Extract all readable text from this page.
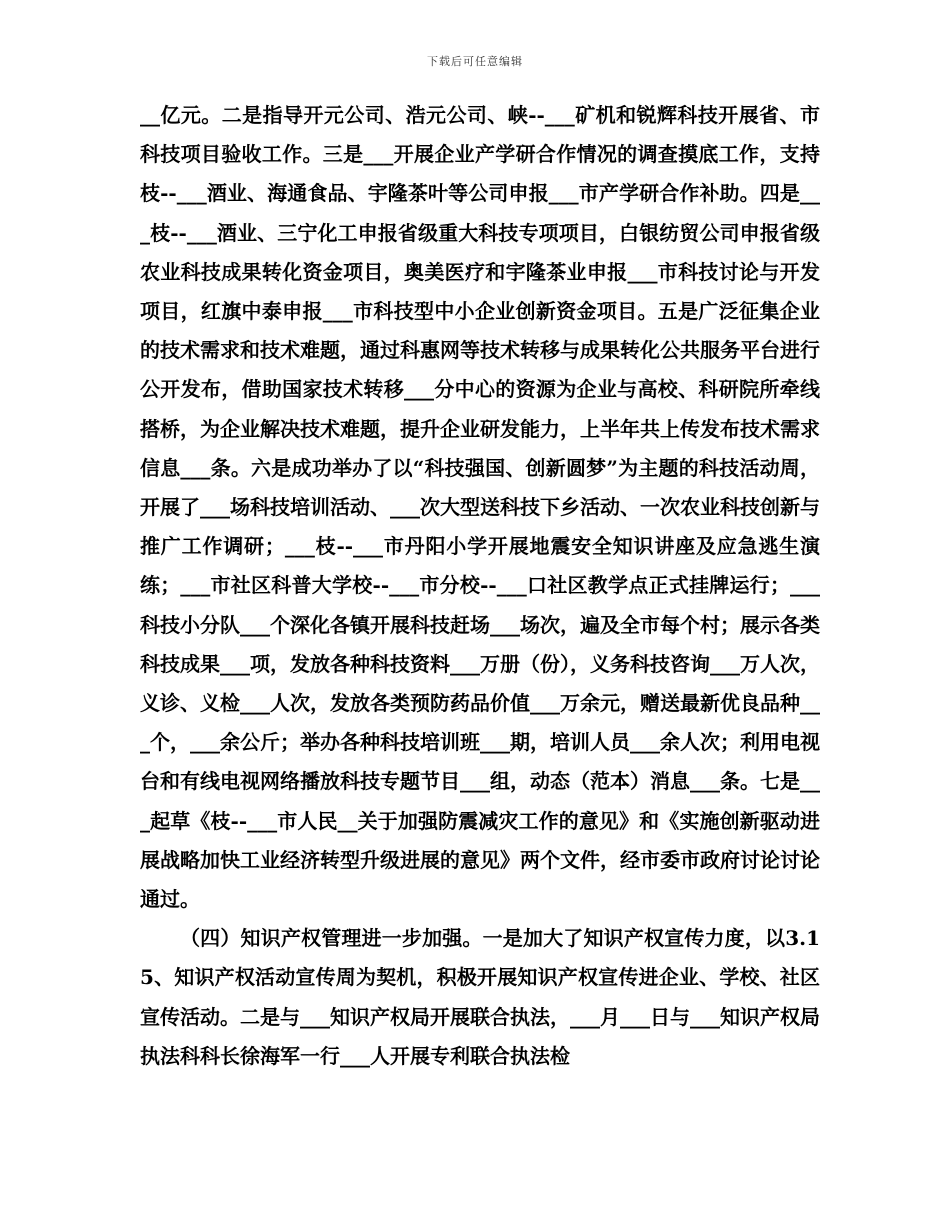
下载后可任意编辑

__亿元。二是指导开元公司、浩元公司、峡--___矿机和锐辉科技开展省、市科技项目验收工作。三是___开展企业产学研合作情况的调查摸底工作，支持枝--___酒业、海通食品、宇隆茶叶等公司申报___市产学研合作补助。四是___枝--___酒业、三宁化工申报省级重大科技专项项目，白银纺贸公司申报省级农业科技成果转化资金项目，奥美医疗和宇隆茶业申报___市科技讨论与开发项目，红旗中泰申报___市科技型中小企业创新资金项目。五是广泛征集企业的技术需求和技术难题，通过科惠网等技术转移与成果转化公共服务平台进行公开发布，借助国家技术转移___分中心的资源为企业与高校、科研院所牵线搭桥，为企业解决技术难题，提升企业研发能力，上半年共上传发布技术需求信息___条。六是成功举办了以“科技强国、创新圆梦”为主题的科技活动周，开展了___场科技培训活动、___次大型送科技下乡活动、一次农业科技创新与推广工作调研；___枝--___市丹阳小学开展地震安全知识讲座及应急逃生演练；___市社区科普大学校--___市分校--___口社区教学点正式挂牌运行；___科技小分队___个深化各镇开展科技赶场___场次，遍及全市每个村；展示各类科技成果___项，发放各种科技资料___万册（份），义务科技咨询___万人次，义诊、义检___人次，发放各类预防药品价值___万余元，赠送最新优良品种___个，___余公斤；举办各种科技培训班___期，培训人员___余人次；利用电视台和有线电视网络播放科技专题节目___组，动态（范本）消息___条。七是___起草《枝--___市人民__关于加强防震减灾工作的意见》和《实施创新驱动进展战略加快工业经济转型升级进展的意见》两个文件，经市委市政府讨论讨论通过。

（四）知识产权管理进一步加强。一是加大了知识产权宣传力度，以3.15、知识产权活动宣传周为契机，积极开展知识产权宣传进企业、学校、社区宣传活动。二是与___知识产权局开展联合执法，___月___日与___知识产权局执法科科长徐海军一行___人开展专利联合执法检
